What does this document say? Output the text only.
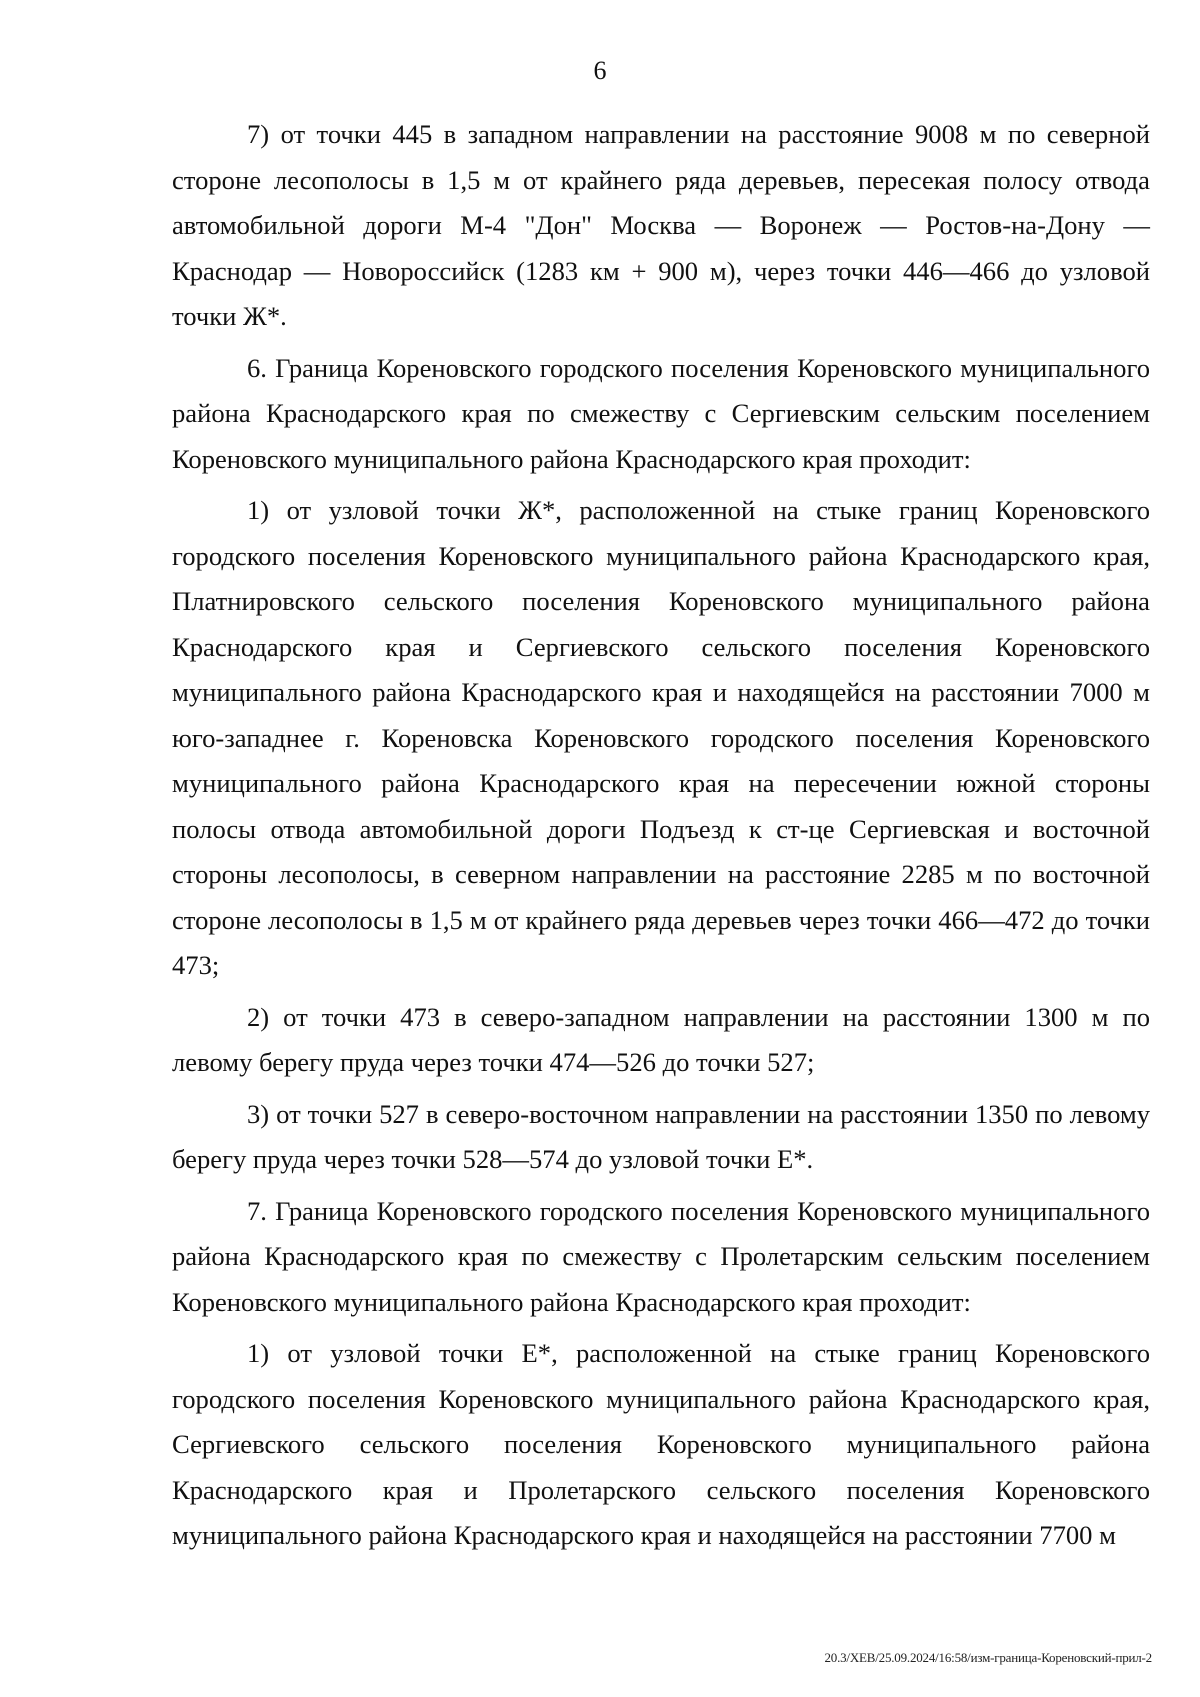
6

7) от точки 445 в западном направлении на расстояние 9008 м по северной стороне лесополосы в 1,5 м от крайнего ряда деревьев, пересекая полосу отвода автомобильной дороги М-4 "Дон" Москва — Воронеж — Ростов-на-Дону — Краснодар — Новороссийск (1283 км + 900 м), через точки 446—466 до узловой точки Ж*.

6. Граница Кореновского городского поселения Кореновского муниципального района Краснодарского края по смежеству с Сергиевским сельским поселением Кореновского муниципального района Краснодарского края проходит:

1) от узловой точки Ж*, расположенной на стыке границ Кореновского городского поселения Кореновского муниципального района Краснодарского края, Платнировского сельского поселения Кореновского муниципального района Краснодарского края и Сергиевского сельского поселения Кореновского муниципального района Краснодарского края и находящейся на расстоянии 7000 м юго-западнее г. Кореновска Кореновского городского поселения Кореновского муниципального района Краснодарского края на пересечении южной стороны полосы отвода автомобильной дороги Подъезд к ст-це Сергиевская и восточной стороны лесополосы, в северном направлении на расстояние 2285 м по восточной стороне лесополосы в 1,5 м от крайнего ряда деревьев через точки 466—472 до точки 473;

2) от точки 473 в северо-западном направлении на расстоянии 1300 м по левому берегу пруда через точки 474—526 до точки 527;

3) от точки 527 в северо-восточном направлении на расстоянии 1350 по левому берегу пруда через точки 528—574 до узловой точки Е*.

7. Граница Кореновского городского поселения Кореновского муниципального района Краснодарского края по смежеству с Пролетарским сельским поселением Кореновского муниципального района Краснодарского края проходит:

1) от узловой точки Е*, расположенной на стыке границ Кореновского городского поселения Кореновского муниципального района Краснодарского края, Сергиевского сельского поселения Кореновского муниципального района Краснодарского края и Пролетарского сельского поселения Кореновского муниципального района Краснодарского края и находящейся на расстоянии 7700 м

20.3/ХЕВ/25.09.2024/16:58/изм-граница-Кореновский-прил-2
